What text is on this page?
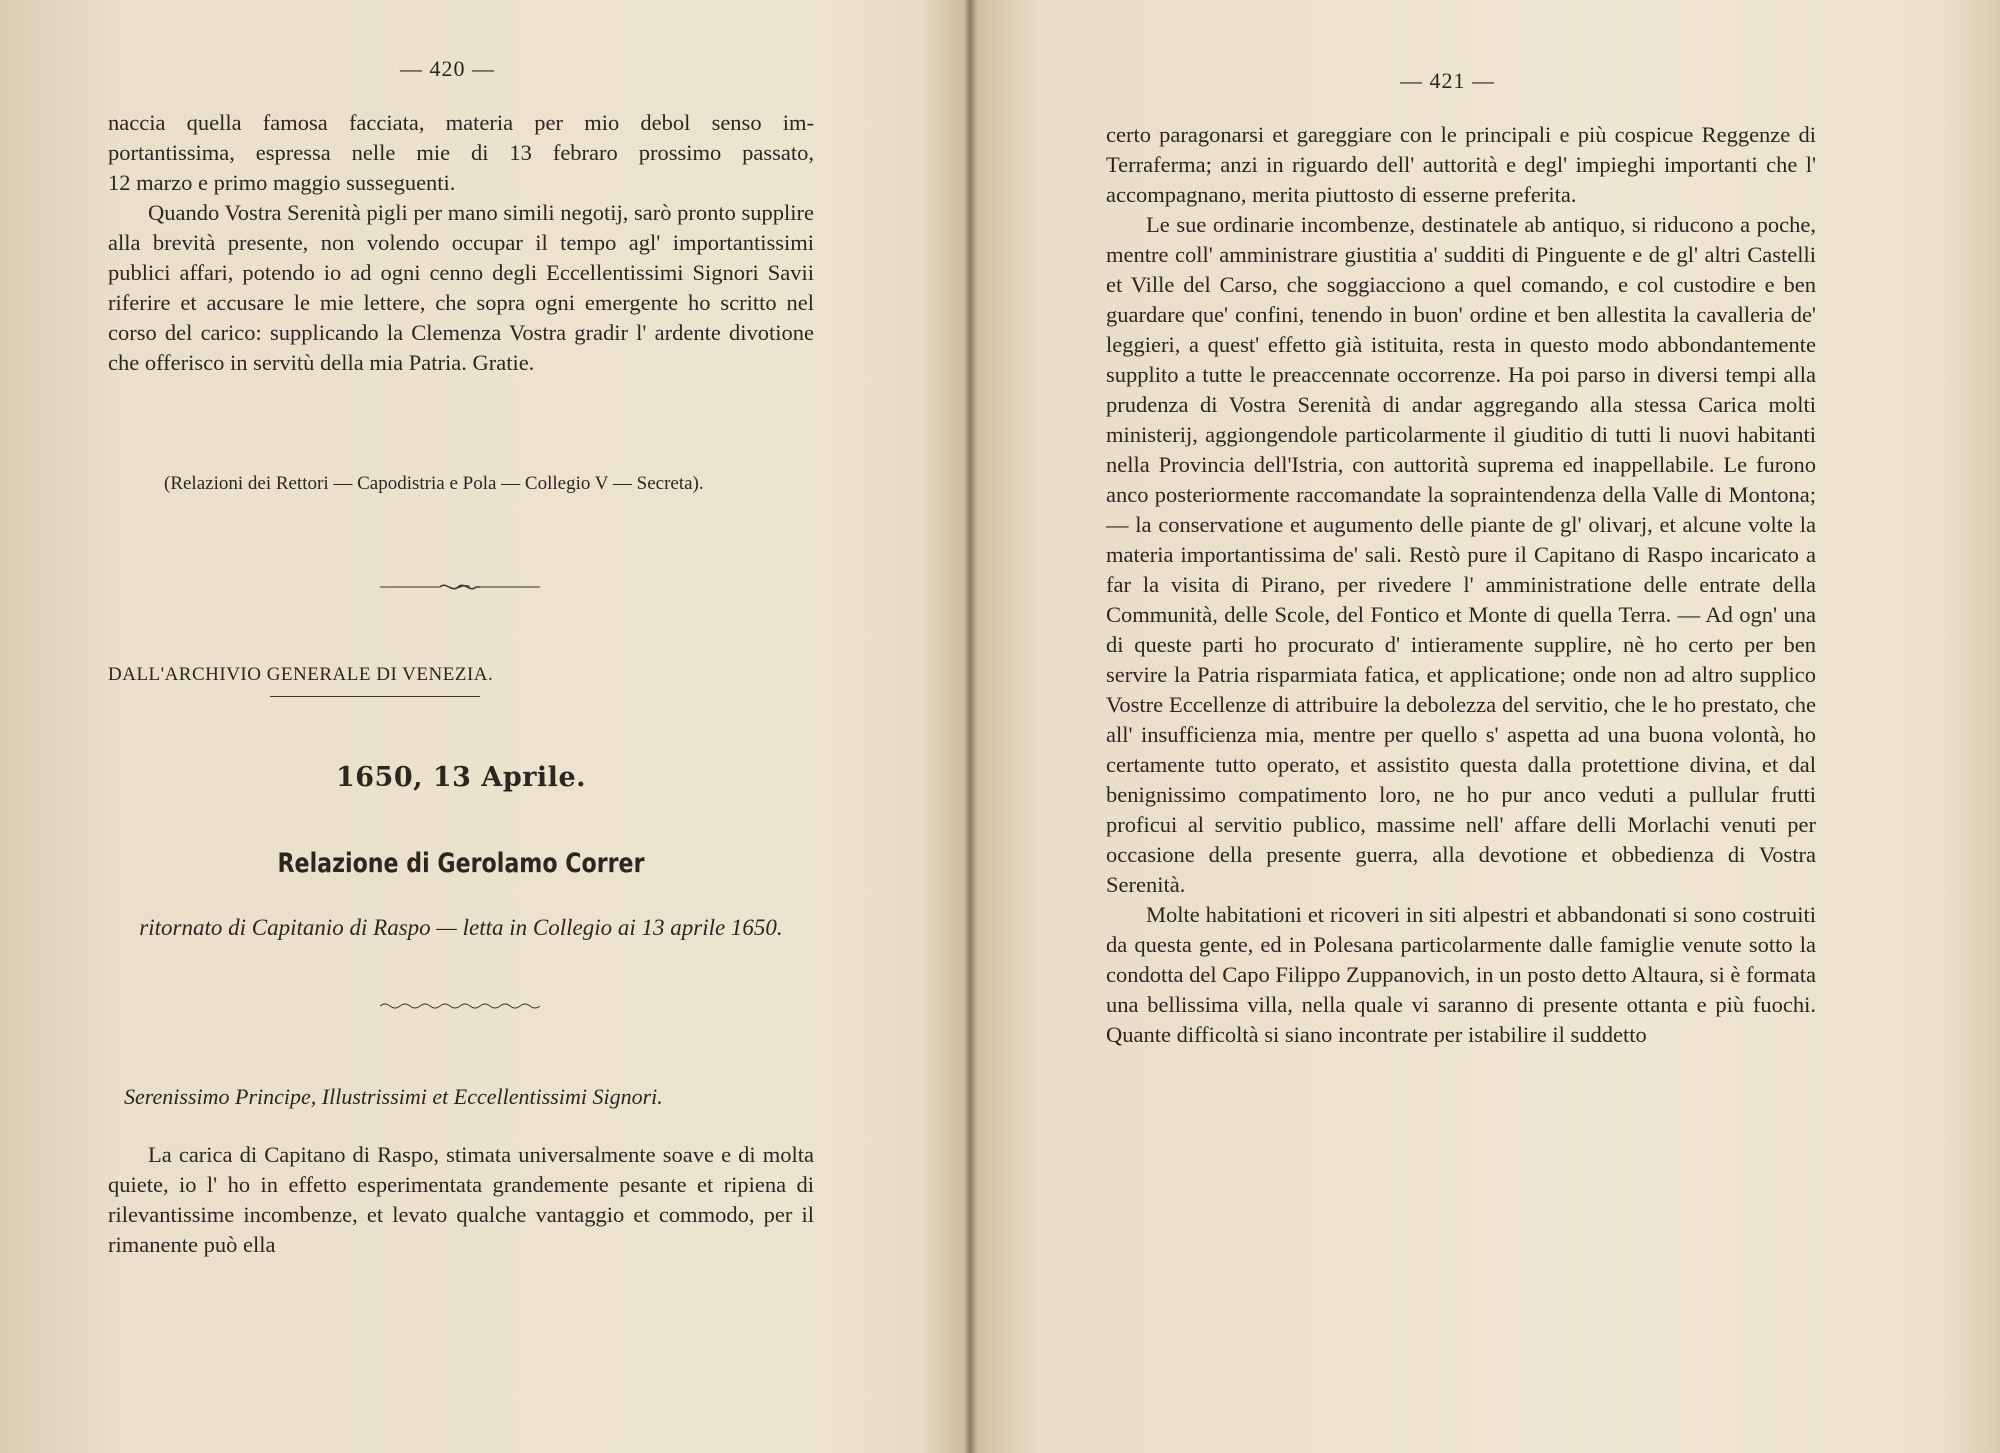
— 420 —

naccia quella famosa facciata, materia per mio debol senso im-

portantissima, espressa nelle mie di 13 febraro prossimo passato,

12 marzo e primo maggio susseguenti.

Quando Vostra Serenità pigli per mano simili negotij, sarò pronto supplire alla brevità presente, non volendo occupar il tempo agl' importantissimi publici affari, potendo io ad ogni cenno degli Eccellentissimi Signori Savii riferire et accusare le mie lettere, che sopra ogni emergente ho scritto nel corso del carico: supplicando la Clemenza Vostra gradir l' ardente divotione che offerisco in servitù della mia Patria. Gratie.

(Relazioni dei Rettori — Capodistria e Pola — Collegio V — Secreta).
DALL'ARCHIVIO GENERALE DI VENEZIA.
1650, 13 Aprile.
Relazione di Gerolamo Correr
ritornato di Capitanio di Raspo — letta in Collegio ai 13 aprile 1650.
Serenissimo Principe, Illustrissimi et Eccellentissimi Signori.

La carica di Capitano di Raspo, stimata universalmente soave e di molta quiete, io l' ho in effetto esperimentata grandemente pesante et ripiena di rilevantissime incombenze, et levato qualche vantaggio et commodo, per il rimanente può ella

— 421 —

certo paragonarsi et gareggiare con le principali e più cospicue Reggenze di Terraferma; anzi in riguardo dell' auttorità e degl' impieghi importanti che l' accompagnano, merita piuttosto di esserne preferita.

Le sue ordinarie incombenze, destinatele ab antiquo, si riducono a poche, mentre coll' amministrare giustitia a' sudditi di Pinguente e de gl' altri Castelli et Ville del Carso, che soggiacciono a quel comando, e col custodire e ben guardare que' confini, tenendo in buon' ordine et ben allestita la cavalleria de' leggieri, a quest' effetto già istituita, resta in questo modo abbondantemente supplito a tutte le preaccennate occorrenze. Ha poi parso in diversi tempi alla prudenza di Vostra Serenità di andar aggregando alla stessa Carica molti ministerij, aggiongendole particolarmente il giuditio di tutti li nuovi habitanti nella Provincia dell'Istria, con auttorità suprema ed inappellabile. Le furono anco posteriormente raccomandate la sopraintendenza della Valle di Montona; — la conservatione et augumento delle piante de gl' olivarj, et alcune volte la materia importantissima de' sali. Restò pure il Capitano di Raspo incaricato a far la visita di Pirano, per rivedere l' amministratione delle entrate della Communità, delle Scole, del Fontico et Monte di quella Terra. — Ad ogn' una di queste parti ho procurato d' intieramente supplire, nè ho certo per ben servire la Patria risparmiata fatica, et applicatione; onde non ad altro supplico Vostre Eccellenze di attribuire la debolezza del servitio, che le ho prestato, che all' insufficienza mia, mentre per quello s' aspetta ad una buona volontà, ho certamente tutto operato, et assistito questa dalla protettione divina, et dal benignissimo compatimento loro, ne ho pur anco veduti a pullular frutti proficui al servitio publico, massime nell' affare delli Morlachi venuti per occasione della presente guerra, alla devotione et obbedienza di Vostra Serenità.

Molte habitationi et ricoveri in siti alpestri et abbandonati si sono costruiti da questa gente, ed in Polesana particolarmente dalle famiglie venute sotto la condotta del Capo Filippo Zuppanovich, in un posto detto Altaura, si è formata una bellissima villa, nella quale vi saranno di presente ottanta e più fuochi. Quante difficoltà si siano incontrate per istabilire il suddetto
